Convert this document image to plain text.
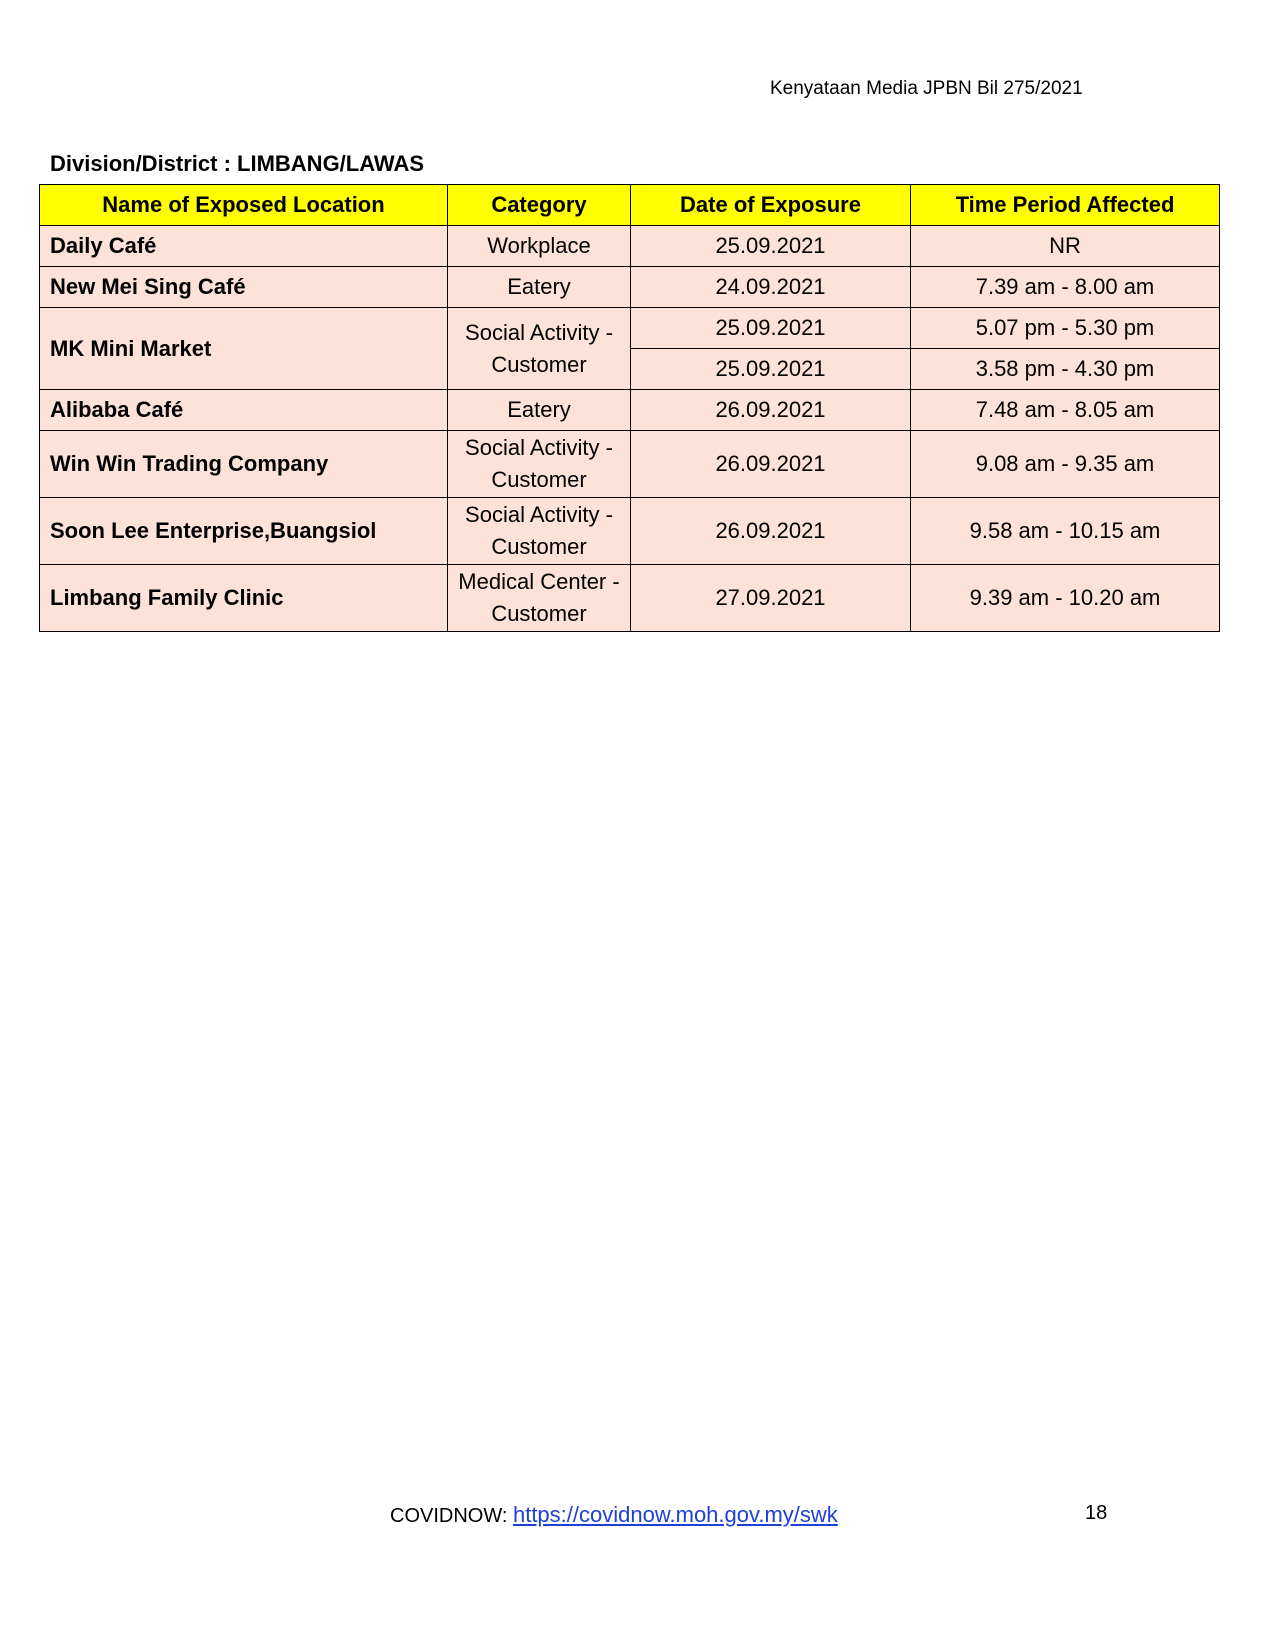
Kenyataan Media JPBN Bil 275/2021
Division/District : LIMBANG/LAWAS
Name of Exposed Location	Category	Date of Exposure	Time Period Affected
Daily Café	Workplace	25.09.2021	NR
New Mei Sing Café	Eatery	24.09.2021	7.39 am - 8.00 am
MK Mini Market	Social Activity - Customer	25.09.2021	5.07 pm - 5.30 pm
		25.09.2021	3.58 pm - 4.30 pm
Alibaba Café	Eatery	26.09.2021	7.48 am - 8.05 am
Win Win Trading Company	Social Activity - Customer	26.09.2021	9.08 am - 9.35 am
Soon Lee Enterprise,Buangsiol	Social Activity - Customer	26.09.2021	9.58 am - 10.15 am
Limbang Family Clinic	Medical Center - Customer	27.09.2021	9.39 am - 10.20 am
COVIDNOW: https://covidnow.moh.gov.my/swk	18
